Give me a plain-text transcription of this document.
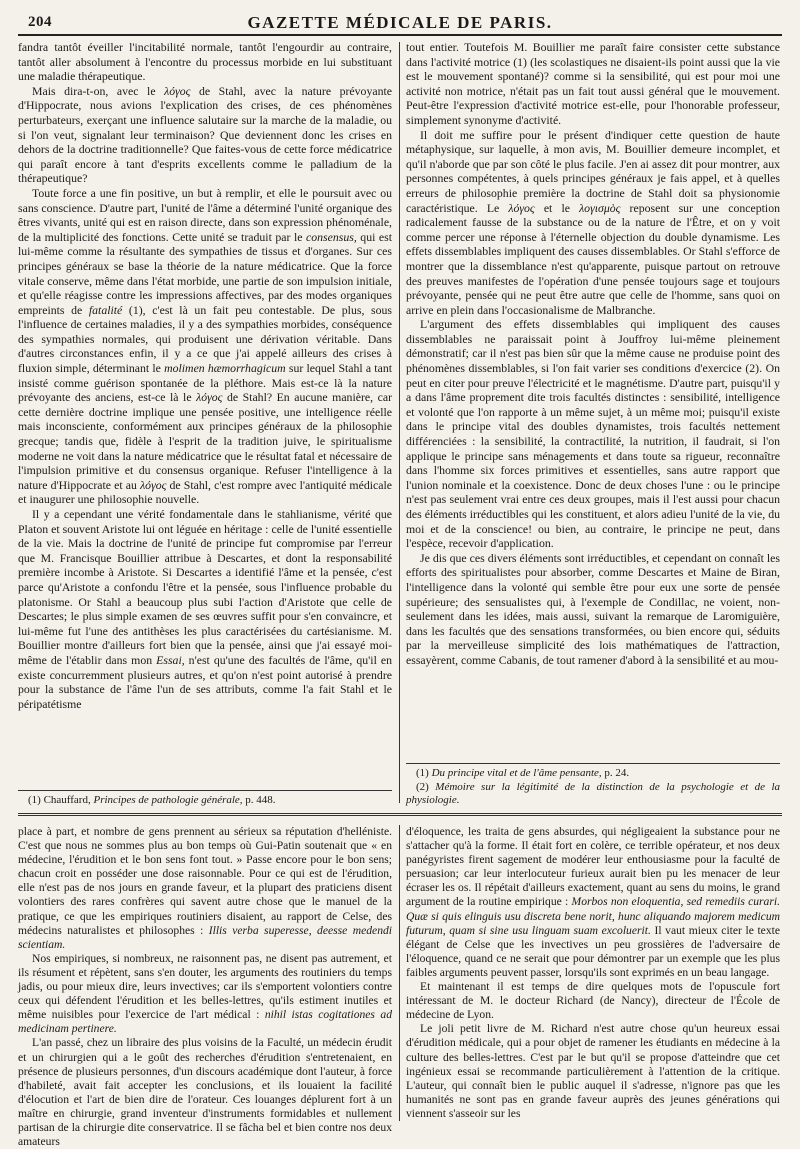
204	GAZETTE MÉDICALE DE PARIS.

fandra tantôt éveiller l'incitabilité normale, tantôt l'engourdir au contraire, tantôt aller absolument à l'encontre du processus morbide en lui substituant une maladie thérapeutique.

Mais dira-t-on, avec le λόγος de Stahl, avec la nature prévoyante d'Hippocrate, nous avions l'explication des crises, de ces phénomènes perturbateurs, exerçant une influence salutaire sur la marche de la maladie, ou si l'on veut, signalant leur terminaison? Que deviennent donc les crises en dehors de la doctrine traditionnelle? Que faites-vous de cette force médicatrice qui paraît encore à tant d'esprits excellents comme le palladium de la thérapeutique?

Toute force a une fin positive, un but à remplir, et elle le poursuit avec ou sans conscience. D'autre part, l'unité de l'âme a déterminé l'unité organique des êtres vivants, unité qui est en raison directe, dans son expression phénoménale, de la multiplicité des fonctions. Cette unité se traduit par le consensus, qui est lui-même comme la résultante des sympathies de tissus et d'organes. Sur ces principes généraux se base la théorie de la nature médicatrice. Que la force vitale conserve, même dans l'état morbide, une partie de son impulsion initiale, et qu'elle réagisse contre les impressions affectives, par des modes organiques empreints de fatalité (1), c'est là un fait peu contestable. De plus, sous l'influence de certaines maladies, il y a des sympathies morbides, conséquence des sympathies normales, qui produisent une dérivation véritable. Dans d'autres circonstances enfin, il y a ce que j'ai appelé ailleurs des crises à fluxion simple, déterminant le molimen hæmorrhagicum sur lequel Stahl a tant insisté comme guérison spontanée de la pléthore. Mais est-ce là la nature prévoyante des anciens, est-ce là le λόγος de Stahl? En aucune manière, car cette dernière doctrine implique une pensée positive, une intelligence réelle mais inconsciente, conformément aux principes généraux de la philosophie grecque; tandis que, fidèle à l'esprit de la tradition juive, le spiritualisme moderne ne voit dans la nature médicatrice que le résultat fatal et nécessaire de l'impulsion primitive et du consensus organique. Refuser l'intelligence à la nature d'Hippocrate et au λόγος de Stahl, c'est rompre avec l'antiquité médicale et inaugurer une philosophie nouvelle.

Il y a cependant une vérité fondamentale dans le stahlianisme, vérité que Platon et souvent Aristote lui ont léguée en héritage : celle de l'unité essentielle de la vie. Mais la doctrine de l'unité de principe fut compromise par l'erreur que M. Francisque Bouillier attribue à Descartes, et dont la responsabilité première incombe à Aristote. Si Descartes a identifié l'âme et la pensée, c'est parce qu'Aristote a confondu l'être et la pensée, sous l'influence probable du platonisme. Or Stahl a beaucoup plus subi l'action d'Aristote que celle de Descartes; le plus simple examen de ses œuvres suffit pour s'en convaincre, et lui-même fut l'une des antithèses les plus caractérisées du cartésianisme. M. Bouillier montre d'ailleurs fort bien que la pensée, ainsi que j'ai essayé moi-même de l'établir dans mon Essai, n'est qu'une des facultés de l'âme, qu'il en existe concurremment plusieurs autres, et qu'on n'est point autorisé à prendre pour la substance de l'âme l'un de ses attributs, comme l'a fait Stahl et le péripatétisme

(1) Chauffard, Principes de pathologie générale, p. 448.

tout entier. Toutefois M. Bouillier me paraît faire consister cette substance dans l'activité motrice (1) (les scolastiques ne disaient-ils point aussi que la vie est le mouvement spontané)? comme si la sensibilité, qui est pour moi une activité non motrice, n'était pas un fait tout aussi général que le mouvement. Peut-être l'expression d'activité motrice est-elle, pour l'honorable professeur, simplement synonyme d'activité.

Il doit me suffire pour le présent d'indiquer cette question de haute métaphysique, sur laquelle, à mon avis, M. Bouillier demeure incomplet, et qu'il n'aborde que par son côté le plus facile. J'en ai assez dit pour montrer, aux personnes compétentes, à quels principes généraux je fais appel, et à quelles erreurs de philosophie première la doctrine de Stahl doit sa physionomie caractéristique. Le λόγος et le λογισμὸς reposent sur une conception radicalement fausse de la substance ou de la nature de l'Être, et on y voit comme percer une réponse à l'éternelle objection du double dynamisme. Les effets dissemblables impliquent des causes dissemblables. Or Stahl s'efforce de montrer que la dissemblance n'est qu'apparente, puisque partout on retrouve des preuves manifestes de l'opération d'une pensée toujours sage et toujours prévoyante, pensée qui ne peut être autre que celle de l'homme, sans quoi on arrive en plein dans l'occasionalisme de Malbranche.

L'argument des effets dissemblables qui impliquent des causes dissemblables ne paraissait point à Jouffroy lui-même pleinement démonstratif; car il n'est pas bien sûr que la même cause ne produise point des phénomènes dissemblables, si l'on fait varier ses conditions d'exercice (2). On peut en citer pour preuve l'électricité et le magnétisme. D'autre part, puisqu'il y a dans l'âme proprement dite trois facultés distinctes : sensibilité, intelligence et volonté que l'on rapporte à un même sujet, à un même moi; puisqu'il existe dans le principe vital des doubles dynamistes, trois facultés nettement différenciées : la sensibilité, la contractilité, la nutrition, il faudrait, si l'on applique le principe sans ménagements et dans toute sa rigueur, reconnaître dans l'homme six forces primitives et essentielles, sans autre rapport que l'union nominale et la coexistence. Donc de deux choses l'une : ou le principe n'est pas seulement vrai entre ces deux groupes, mais il l'est aussi pour chacun des éléments irréductibles qui les constituent, et alors adieu l'unité de la vie, du moi et de la conscience! ou bien, au contraire, le principe ne peut, dans l'espèce, recevoir d'application.

Je dis que ces divers éléments sont irréductibles, et cependant on connaît les efforts des spiritualistes pour absorber, comme Descartes et Maine de Biran, l'intelligence dans la volonté qui semble être pour eux une sorte de pensée supérieure; des sensualistes qui, à l'exemple de Condillac, ne voient, non-seulement dans les idées, mais aussi, suivant la remarque de Laromiguière, dans les facultés que des sensations transformées, ou bien encore qui, séduits par la merveilleuse simplicité des lois mathématiques de l'attraction, essayèrent, comme Cabanis, de tout ramener d'abord à la sensibilité et au mou-

(1) Du principe vital et de l'âme pensante, p. 24.

(2) Mémoire sur la légitimité de la distinction de la psychologie et de la physiologie.

place à part, et nombre de gens prennent au sérieux sa réputation d'helléniste. C'est que nous ne sommes plus au bon temps où Gui-Patin soutenait que « en médecine, l'érudition et le bon sens font tout. » Passe encore pour le bon sens; chacun croit en posséder une dose raisonnable. Pour ce qui est de l'érudition, elle n'est pas de nos jours en grande faveur, et la plupart des praticiens disent volontiers des rares confrères qui savent autre chose que le manuel de la pratique, ce que les empiriques routiniers disaient, au rapport de Celse, des médecins naturalistes et philosophes : Illis verba superesse, deesse medendi scientiam.

Nos empiriques, si nombreux, ne raisonnent pas, ne disent pas autrement, et ils résument et répètent, sans s'en douter, les arguments des routiniers du temps jadis, ou pour mieux dire, leurs invectives; car ils s'emportent volontiers contre ceux qui défendent l'érudition et les belles-lettres, qu'ils estiment inutiles et même nuisibles pour l'exercice de l'art médical : nihil istas cogitationes ad medicinam pertinere.

L'an passé, chez un libraire des plus voisins de la Faculté, un médecin érudit et un chirurgien qui a le goût des recherches d'érudition s'entretenaient, en présence de plusieurs personnes, d'un discours académique dont l'auteur, à force d'habileté, avait fait accepter les conclusions, et ils louaient la facilité d'élocution et l'art de bien dire de l'orateur. Ces louanges déplurent fort à un maître en chirurgie, grand inventeur d'instruments formidables et nullement partisan de la chirurgie dite conservatrice. Il se fâcha bel et bien contre nos deux amateurs

d'éloquence, les traita de gens absurdes, qui négligeaient la substance pour ne s'attacher qu'à la forme. Il était fort en colère, ce terrible opérateur, et nos deux panégyristes firent sagement de modérer leur enthousiasme pour la faculté de persuasion; car leur interlocuteur furieux aurait bien pu les menacer de leur écraser les os. Il répétait d'ailleurs exactement, quant au sens du moins, le grand argument de la routine empirique : Morbos non eloquentia, sed remediis curari. Quæ si quis elinguis usu discreta bene norit, hunc aliquando majorem medicum futurum, quam si sine usu linguam suam excoluerit. Il vaut mieux citer le texte élégant de Celse que les invectives un peu grossières de l'adversaire de l'éloquence, quand ce ne serait que pour démontrer par un exemple que les plus faibles arguments peuvent passer, lorsqu'ils sont exprimés en un beau langage.

Et maintenant il est temps de dire quelques mots de l'opuscule fort intéressant de M. le docteur Richard (de Nancy), directeur de l'École de médecine de Lyon.

Le joli petit livre de M. Richard n'est autre chose qu'un heureux essai d'érudition médicale, qui a pour objet de ramener les étudiants en médecine à la culture des belles-lettres. C'est par le but qu'il se propose d'atteindre que cet ingénieux essai se recommande particulièrement à l'attention de la critique. L'auteur, qui connaît bien le public auquel il s'adresse, n'ignore pas que les humanités ne sont pas en grande faveur auprès des jeunes générations qui viennent s'asseoir sur les
